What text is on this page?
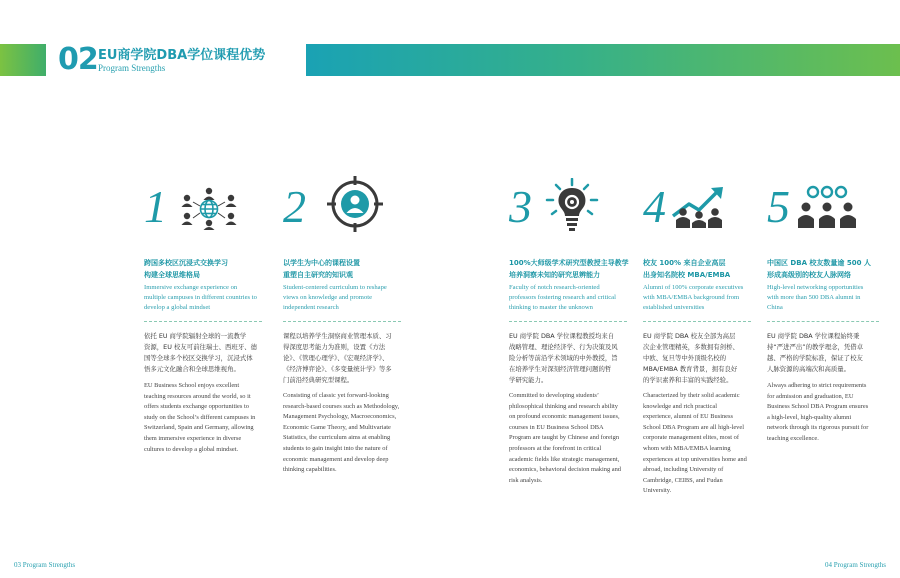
02 EU商学院DBA学位课程优势
Program Strengths
1
跨国多校区沉浸式交换学习
构建全球思维格局
Immersive exchange experience on
multiple campuses in different countries to
develop a global mindset
依托 EU 商学院辐射全球的一流教学
资源，EU 校友可前往瑞士、西班牙、德
国等全球多个校区交换学习，沉浸式体
悟多元文化融合和全球思维视角。
EU Business School enjoys excellent
teaching resources around the world, so it
offers students exchange opportunities to
study on the School’s different campuses in
Switzerland, Spain and Germany, allowing
them immersive experience in diverse
cultures to develop a global mindset.
2
以学生为中心的课程设置
重塑自主研究的知识观
Student-centered curriculum to reshape
views on knowledge and promote
independent research
课程以培养学生洞察商业管理本质、习
得深度思考能力为准则，设置《方法
论》、《管理心理学》、《宏观经济学》、
《经济博弈论》、《多变量统计学》等多
门前沿经典研究型课程。
Consisting of classic yet forward-looking
research-based courses such as Methodology,
Management Psychology, Macroeconomics,
Economic Game Theory, and Multivariate
Statistics, the curriculum aims at enabling
students to gain insight into the nature of
economic management and develop deep
thinking capabilities.
3
100%大师级学术研究型教授主导教学
培养洞察未知的研究思辨能力
Faculty of notch research-oriented
professors fostering research and critical
thinking to master the unknown
EU 商学院 DBA 学位课程教授均来自
战略管理、理论经济学、行为决策及风
险分析等前沿学术领域的中外教授，旨
在培养学生对深刻经济管理问题的哲
学研究能力。
Committed to developing students’
philosophical thinking and research ability
on profound economic management issues,
courses in EU Business School DBA
Program are taught by Chinese and foreign
professors at the forefront in critical
academic fields like strategic management,
economics, behavioral decision making and
risk analysis.
4
校友 100% 来自企业高层
出身知名院校 MBA/EMBA
Alumni of 100% corporate executives
with MBA/EMBA background from
established universities
EU 商学院 DBA 校友全部为高层
次企业管理精英，多数拥有剑桥、
中欧、复旦等中外顶级名校的
MBA/EMBA 教育背景，拥有良好
的学识素养和丰富的实践经验。
Characterized by their solid academic
knowledge and rich practical
experience, alumni of EU Business
School DBA Program are all high-level
corporate management elites, most of
whom with MBA/EMBA learning
experiences at top universities home and
abroad, including University of
Cambridge, CEIBS, and Fudan
University.
5
中国区 DBA 校友数量逾 500 人
形成高级别的校友人脉网络
High-level networking opportunities
with more than 500 DBA alumni in
China
EU 商学院 DBA 学位课程始终秉
持“严进严出”的教学理念，凭借卓
越、严格的学院标准，保证了校友
人脉资源的高端次和高质量。
Always adhering to strict requirements
for admission and graduation, EU
Business School DBA Program ensures
a high-level, high-quality alumni
network through its rigorous pursuit for
teaching excellence.
03 Program Strengths	04 Program Strengths
